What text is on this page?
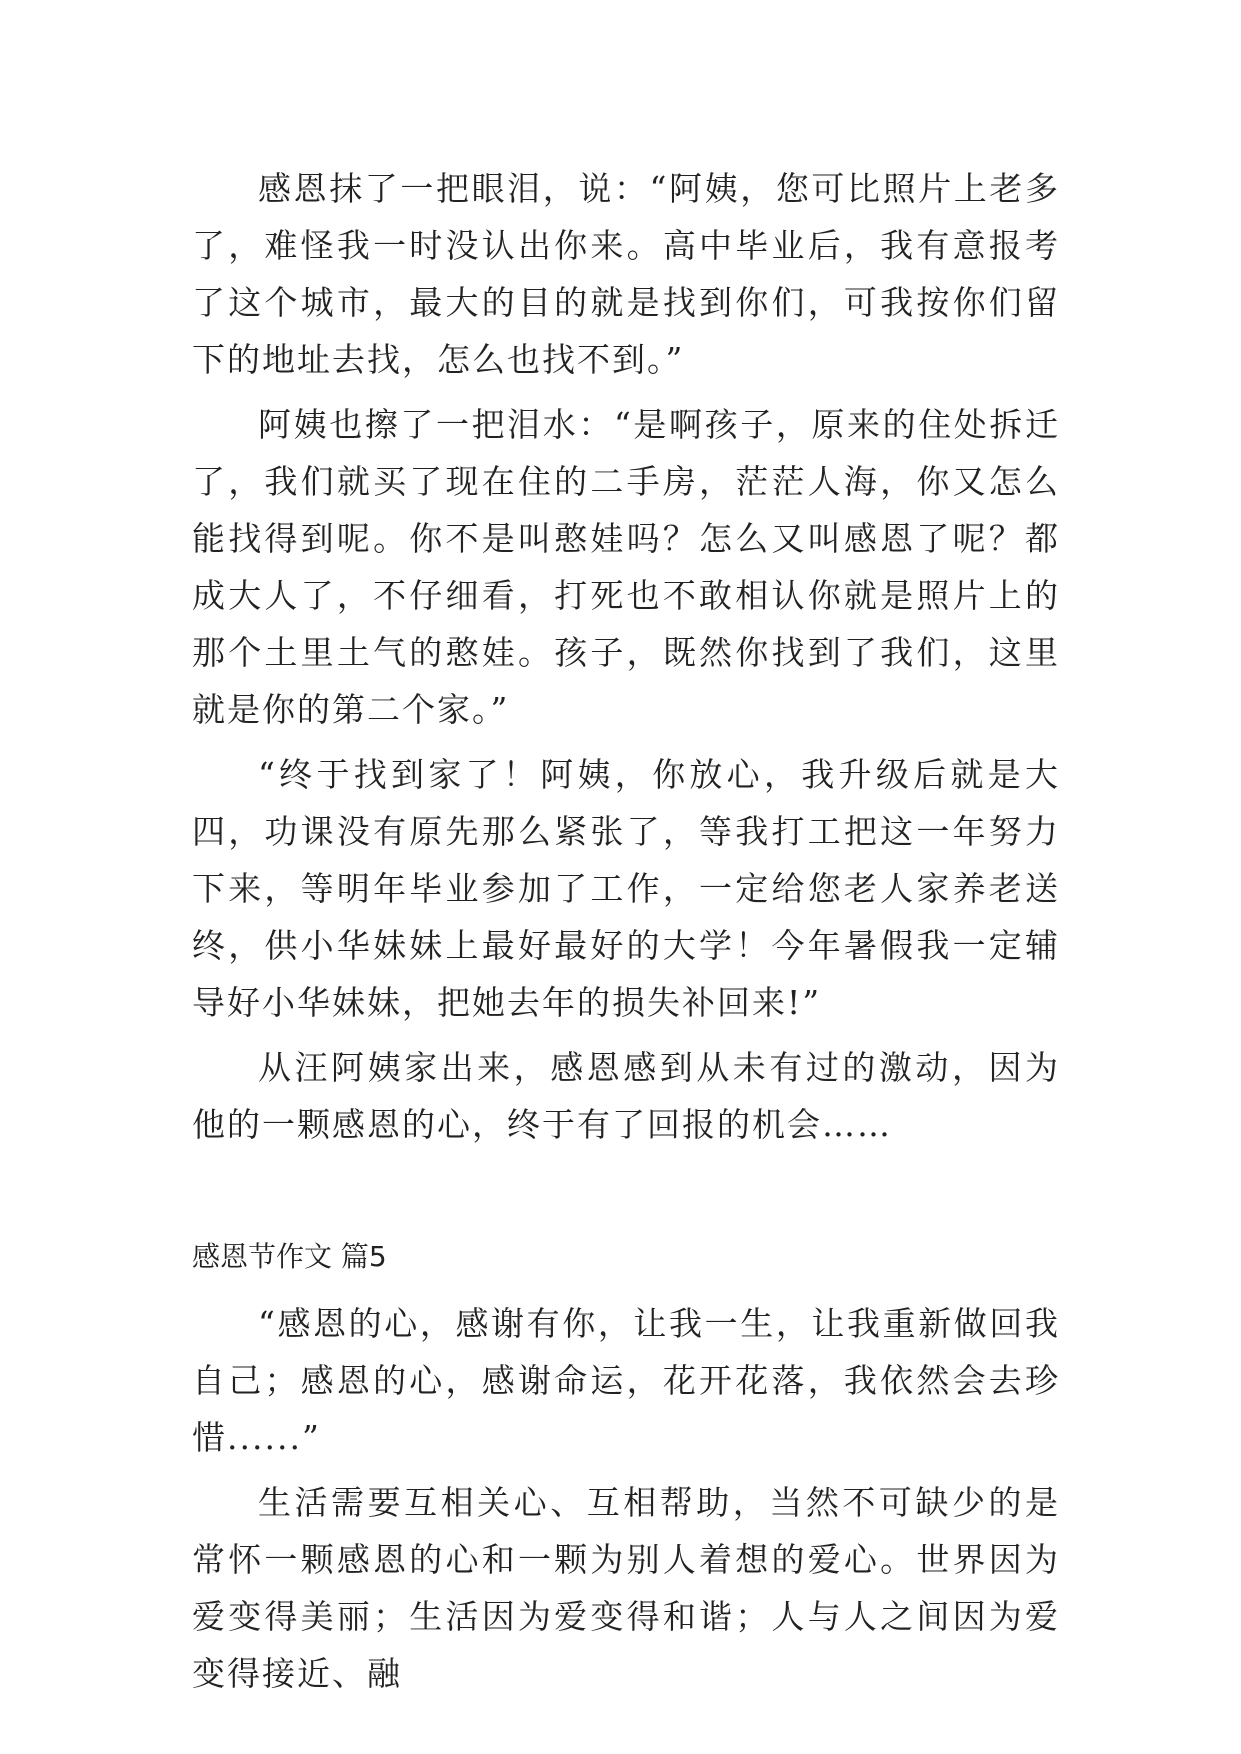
感恩抹了一把眼泪，说：“阿姨，您可比照片上老多了，难怪我一时没认出你来。高中毕业后，我有意报考了这个城市，最大的目的就是找到你们，可我按你们留下的地址去找，怎么也找不到。”

阿姨也擦了一把泪水：“是啊孩子，原来的住处拆迁了，我们就买了现在住的二手房，茫茫人海，你又怎么能找得到呢。你不是叫憨娃吗？怎么又叫感恩了呢？都成大人了，不仔细看，打死也不敢相认你就是照片上的那个土里土气的憨娃。孩子，既然你找到了我们，这里就是你的第二个家。”

“终于找到家了！阿姨，你放心，我升级后就是大四，功课没有原先那么紧张了，等我打工把这一年努力下来，等明年毕业参加了工作，一定给您老人家养老送终，供小华妹妹上最好最好的大学！今年暑假我一定辅导好小华妹妹，把她去年的损失补回来!”

从汪阿姨家出来，感恩感到从未有过的激动，因为他的一颗感恩的心，终于有了回报的机会……

感恩节作文 篇5

“感恩的心，感谢有你，让我一生，让我重新做回我自己；感恩的心，感谢命运，花开花落，我依然会去珍惜......”

生活需要互相关心、互相帮助，当然不可缺少的是常怀一颗感恩的心和一颗为别人着想的爱心。世界因为爱变得美丽；生活因为爱变得和谐；人与人之间因为爱变得接近、融
